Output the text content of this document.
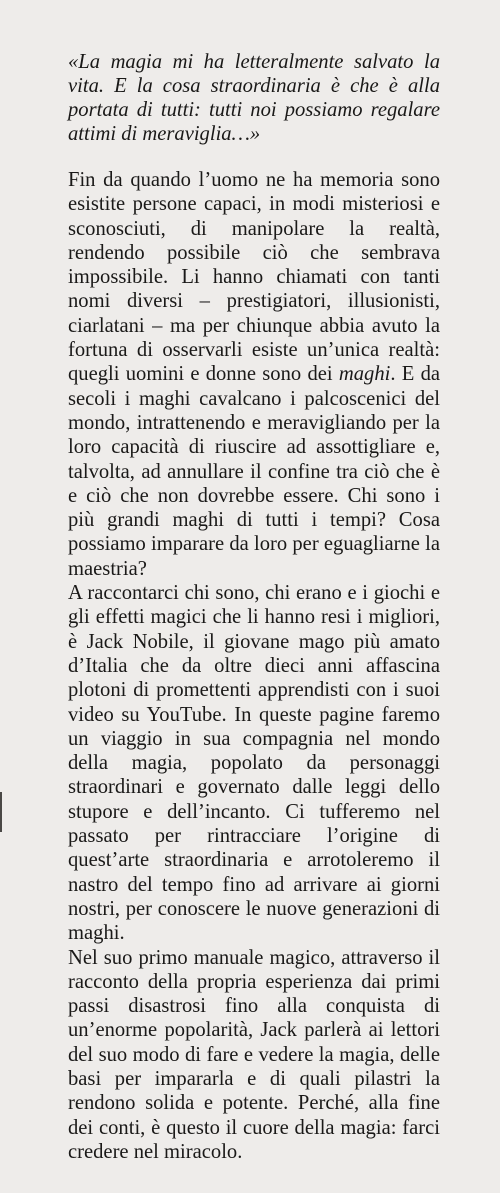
«La magia mi ha letteralmente salvato la vita. E la cosa straordinaria è che è alla portata di tutti: tutti noi possiamo regalare attimi di meraviglia…»

Fin da quando l’uomo ne ha memoria sono esistite persone capaci, in modi misteriosi e sconosciuti, di manipolare la realtà, rendendo possibile ciò che sembrava impossibile. Li hanno chiamati con tanti nomi diversi – prestigiatori, illusionisti, ciarlatani – ma per chiunque abbia avuto la fortuna di osservarli esiste un’unica realtà: quegli uomini e donne sono dei maghi. E da secoli i maghi cavalcano i palcoscenici del mondo, intrattenendo e meravigliando per la loro capacità di riuscire ad assottigliare e, talvolta, ad annullare il confine tra ciò che è e ciò che non dovrebbe essere. Chi sono i più grandi maghi di tutti i tempi? Cosa possiamo imparare da loro per eguagliarne la maestria?

A raccontarci chi sono, chi erano e i giochi e gli effetti magici che li hanno resi i migliori, è Jack Nobile, il giovane mago più amato d’Italia che da oltre dieci anni affascina plotoni di promettenti apprendisti con i suoi video su YouTube. In queste pagine faremo un viaggio in sua compagnia nel mondo della magia, popolato da personaggi straordinari e governato dalle leggi dello stupore e dell’incanto. Ci tufferemo nel passato per rintracciare l’origine di quest’arte straordinaria e arrotoleremo il nastro del tempo fino ad arrivare ai giorni nostri, per conoscere le nuove generazioni di maghi.

Nel suo primo manuale magico, attraverso il racconto della propria esperienza dai primi passi disastrosi fino alla conquista di un’enorme popolarità, Jack parlerà ai lettori del suo modo di fare e vedere la magia, delle basi per impararla e di quali pilastri la rendono solida e potente. Perché, alla fine dei conti, è questo il cuore della magia: farci credere nel miracolo.
